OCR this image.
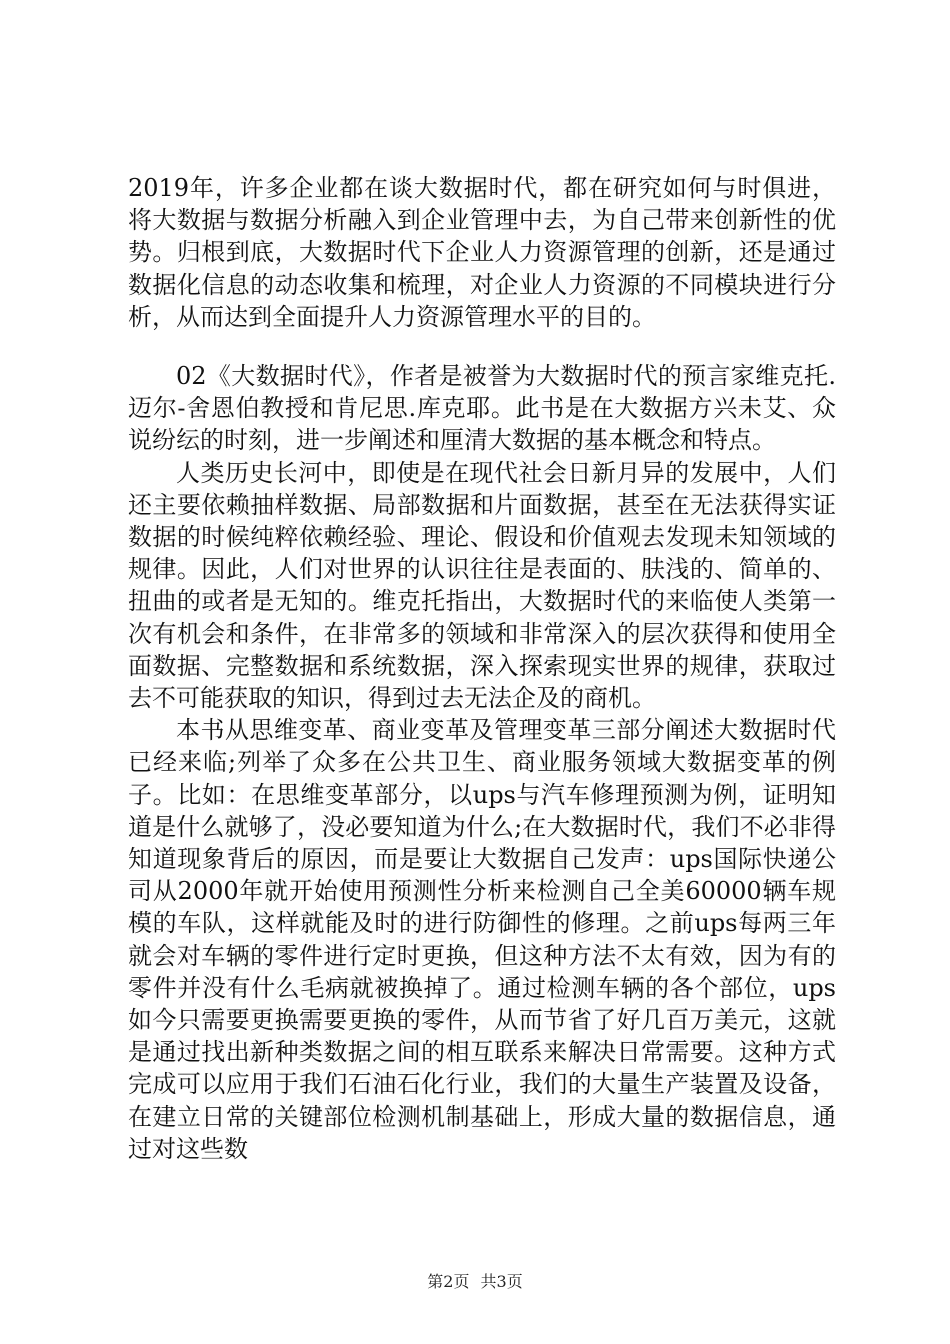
2019年，许多企业都在谈大数据时代，都在研究如何与时俱进，将大数据与数据分析融入到企业管理中去，为自己带来创新性的优势。归根到底，大数据时代下企业人力资源管理的创新，还是通过数据化信息的动态收集和梳理，对企业人力资源的不同模块进行分析，从而达到全面提升人力资源管理水平的目的。

02《大数据时代》，作者是被誉为大数据时代的预言家维克托.迈尔-舍恩伯教授和肯尼思.库克耶。此书是在大数据方兴未艾、众说纷纭的时刻，进一步阐述和厘清大数据的基本概念和特点。

人类历史长河中，即使是在现代社会日新月异的发展中，人们还主要依赖抽样数据、局部数据和片面数据，甚至在无法获得实证数据的时候纯粹依赖经验、理论、假设和价值观去发现未知领域的规律。因此，人们对世界的认识往往是表面的、肤浅的、简单的、扭曲的或者是无知的。维克托指出，大数据时代的来临使人类第一次有机会和条件，在非常多的领域和非常深入的层次获得和使用全面数据、完整数据和系统数据，深入探索现实世界的规律，获取过去不可能获取的知识，得到过去无法企及的商机。

本书从思维变革、商业变革及管理变革三部分阐述大数据时代已经来临;列举了众多在公共卫生、商业服务领域大数据变革的例子。比如：在思维变革部分，以ups与汽车修理预测为例，证明知道是什么就够了，没必要知道为什么;在大数据时代，我们不必非得知道现象背后的原因，而是要让大数据自己发声：ups国际快递公司从2000年就开始使用预测性分析来检测自己全美60000辆车规模的车队，这样就能及时的进行防御性的修理。之前ups每两三年就会对车辆的零件进行定时更换，但这种方法不太有效，因为有的零件并没有什么毛病就被换掉了。通过检测车辆的各个部位，ups如今只需要更换需要更换的零件，从而节省了好几百万美元，这就是通过找出新种类数据之间的相互联系来解决日常需要。这种方式完成可以应用于我们石油石化行业，我们的大量生产装置及设备，在建立日常的关键部位检测机制基础上，形成大量的数据信息，通过对这些数

第2页 共3页
